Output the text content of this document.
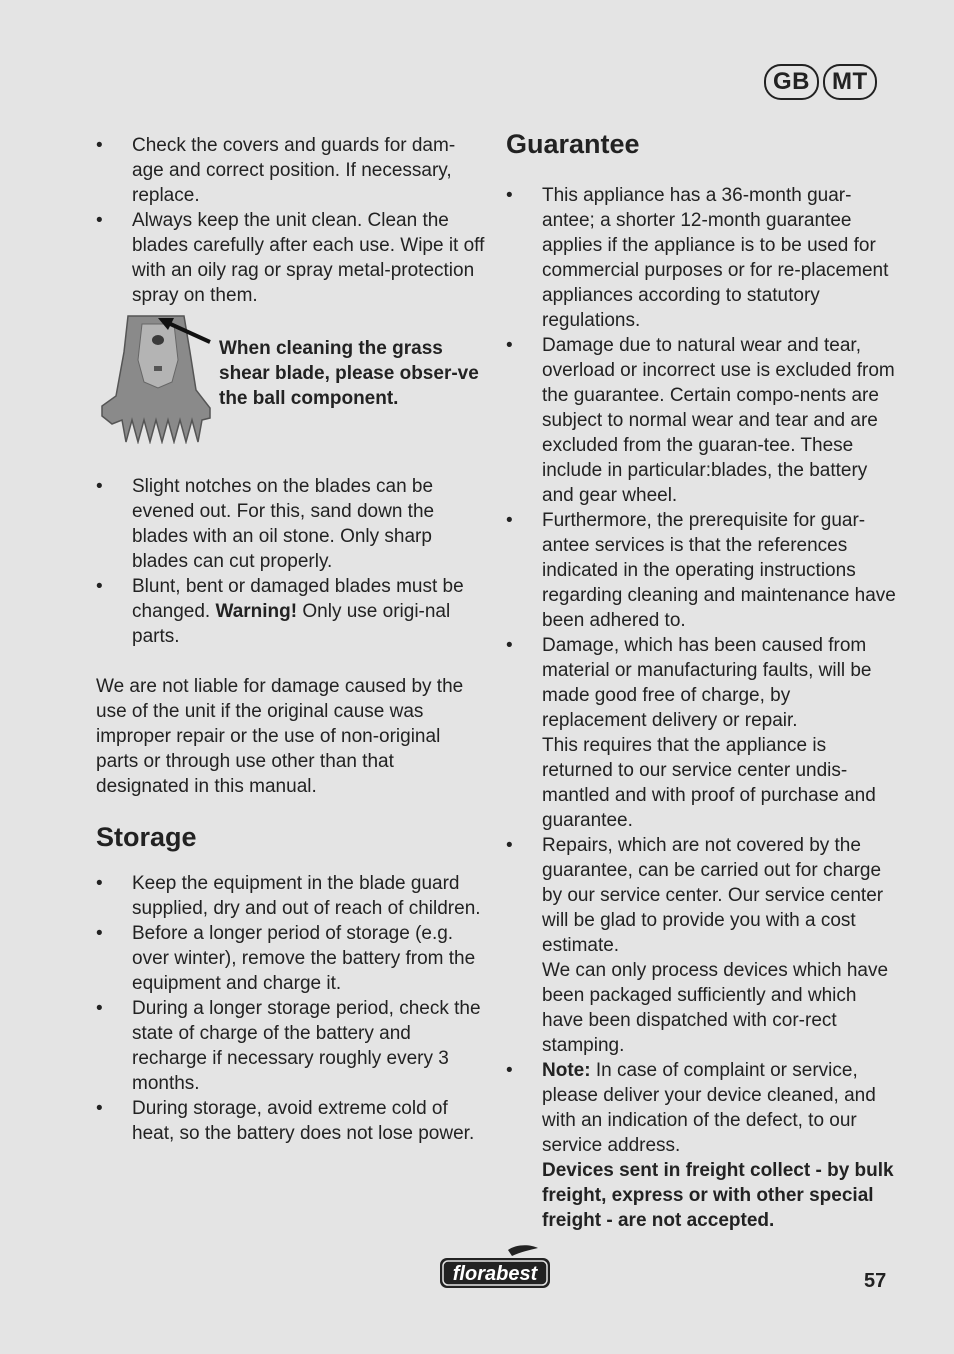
GB MT
• Check the covers and guards for dam-age and correct position. If necessary, replace.
• Always keep the unit clean. Clean the blades carefully after each use. Wipe it off with an oily rag or spray metal-protection spray on them.
When cleaning the grass shear blade, please obser-ve the ball component.
• Slight notches on the blades can be evened out. For this, sand down the blades with an oil stone. Only sharp blades can cut properly.
• Blunt, bent or damaged blades must be changed. Warning! Only use origi-nal parts.

We are not liable for damage caused by the use of the unit if the original cause was improper repair or the use of non-original parts or through use other than that designated in this manual.

Storage
• Keep the equipment in the blade guard supplied, dry and out of reach of children.
• Before a longer period of storage (e.g. over winter), remove the battery from the equipment and charge it.
• During a longer storage period, check the state of charge of the battery and recharge if necessary roughly every 3 months.
• During storage, avoid extreme cold of heat, so the battery does not lose power.
Guarantee
• This appliance has a 36-month guar-antee; a shorter 12-month guarantee applies if the appliance is to be used for commercial purposes or for re-placement appliances according to statutory regulations.
• Damage due to natural wear and tear, overload or incorrect use is excluded from the guarantee. Certain compo-nents are subject to normal wear and tear and are excluded from the guaran-tee. These include in particular:blades, the battery and gear wheel.
• Furthermore, the prerequisite for guar-antee services is that the references indicated in the operating instructions regarding cleaning and maintenance have been adhered to.
• Damage, which has been caused from material or manufacturing faults, will be made good free of charge, by replacement delivery or repair.
This requires that the appliance is returned to our service center undis-mantled and with proof of purchase and guarantee.
• Repairs, which are not covered by the guarantee, can be carried out for charge by our service center. Our service center will be glad to provide you with a cost estimate.
We can only process devices which have been packaged sufficiently and which have been dispatched with cor-rect stamping.
• Note: In case of complaint or service, please deliver your device cleaned, and with an indication of the defect, to our service address.
Devices sent in freight collect - by bulk freight, express or with other special freight - are not accepted.
florabest	57
